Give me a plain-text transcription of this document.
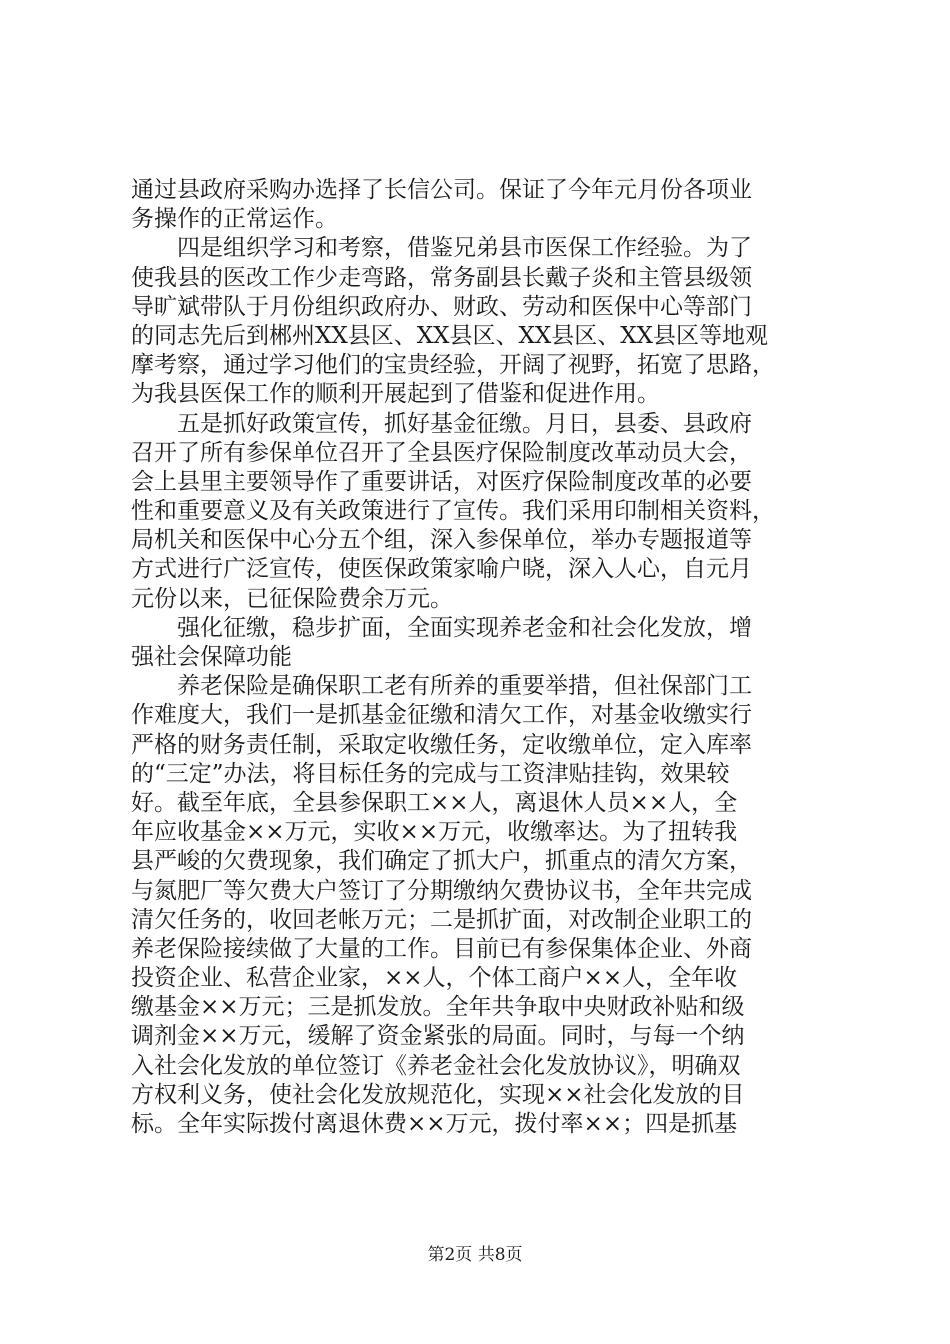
通过县政府采购办选择了长信公司。保证了今年元月份各项业
务操作的正常运作。
四是组织学习和考察，借鉴兄弟县市医保工作经验。为了
使我县的医改工作少走弯路，常务副县长戴子炎和主管县级领
导旷斌带队于月份组织政府办、财政、劳动和医保中心等部门
的同志先后到郴州XX县区、XX县区、XX县区、XX县区等地观
摩考察，通过学习他们的宝贵经验，开阔了视野，拓宽了思路，
为我县医保工作的顺利开展起到了借鉴和促进作用。
五是抓好政策宣传，抓好基金征缴。月日，县委、县政府
召开了所有参保单位召开了全县医疗保险制度改革动员大会，
会上县里主要领导作了重要讲话，对医疗保险制度改革的必要
性和重要意义及有关政策进行了宣传。我们采用印制相关资料，
局机关和医保中心分五个组，深入参保单位，举办专题报道等
方式进行广泛宣传，使医保政策家喻户晓，深入人心，自元月
元份以来，已征保险费余万元。
强化征缴，稳步扩面，全面实现养老金和社会化发放，增
强社会保障功能
养老保险是确保职工老有所养的重要举措，但社保部门工
作难度大，我们一是抓基金征缴和清欠工作，对基金收缴实行
严格的财务责任制，采取定收缴任务，定收缴单位，定入库率
的“三定”办法，将目标任务的完成与工资津贴挂钩，效果较
好。截至年底，全县参保职工××人，离退休人员××人，全
年应收基金××万元，实收××万元，收缴率达。为了扭转我
县严峻的欠费现象，我们确定了抓大户，抓重点的清欠方案，
与氮肥厂等欠费大户签订了分期缴纳欠费协议书，全年共完成
清欠任务的，收回老帐万元；二是抓扩面，对改制企业职工的
养老保险接续做了大量的工作。目前已有参保集体企业、外商
投资企业、私营企业家，××人，个体工商户××人，全年收
缴基金××万元；三是抓发放。全年共争取中央财政补贴和级
调剂金××万元，缓解了资金紧张的局面。同时，与每一个纳
入社会化发放的单位签订《养老金社会化发放协议》，明确双
方权利义务，使社会化发放规范化，实现××社会化发放的目
标。全年实际拨付离退休费××万元，拨付率××；四是抓基
第2页 共8页
